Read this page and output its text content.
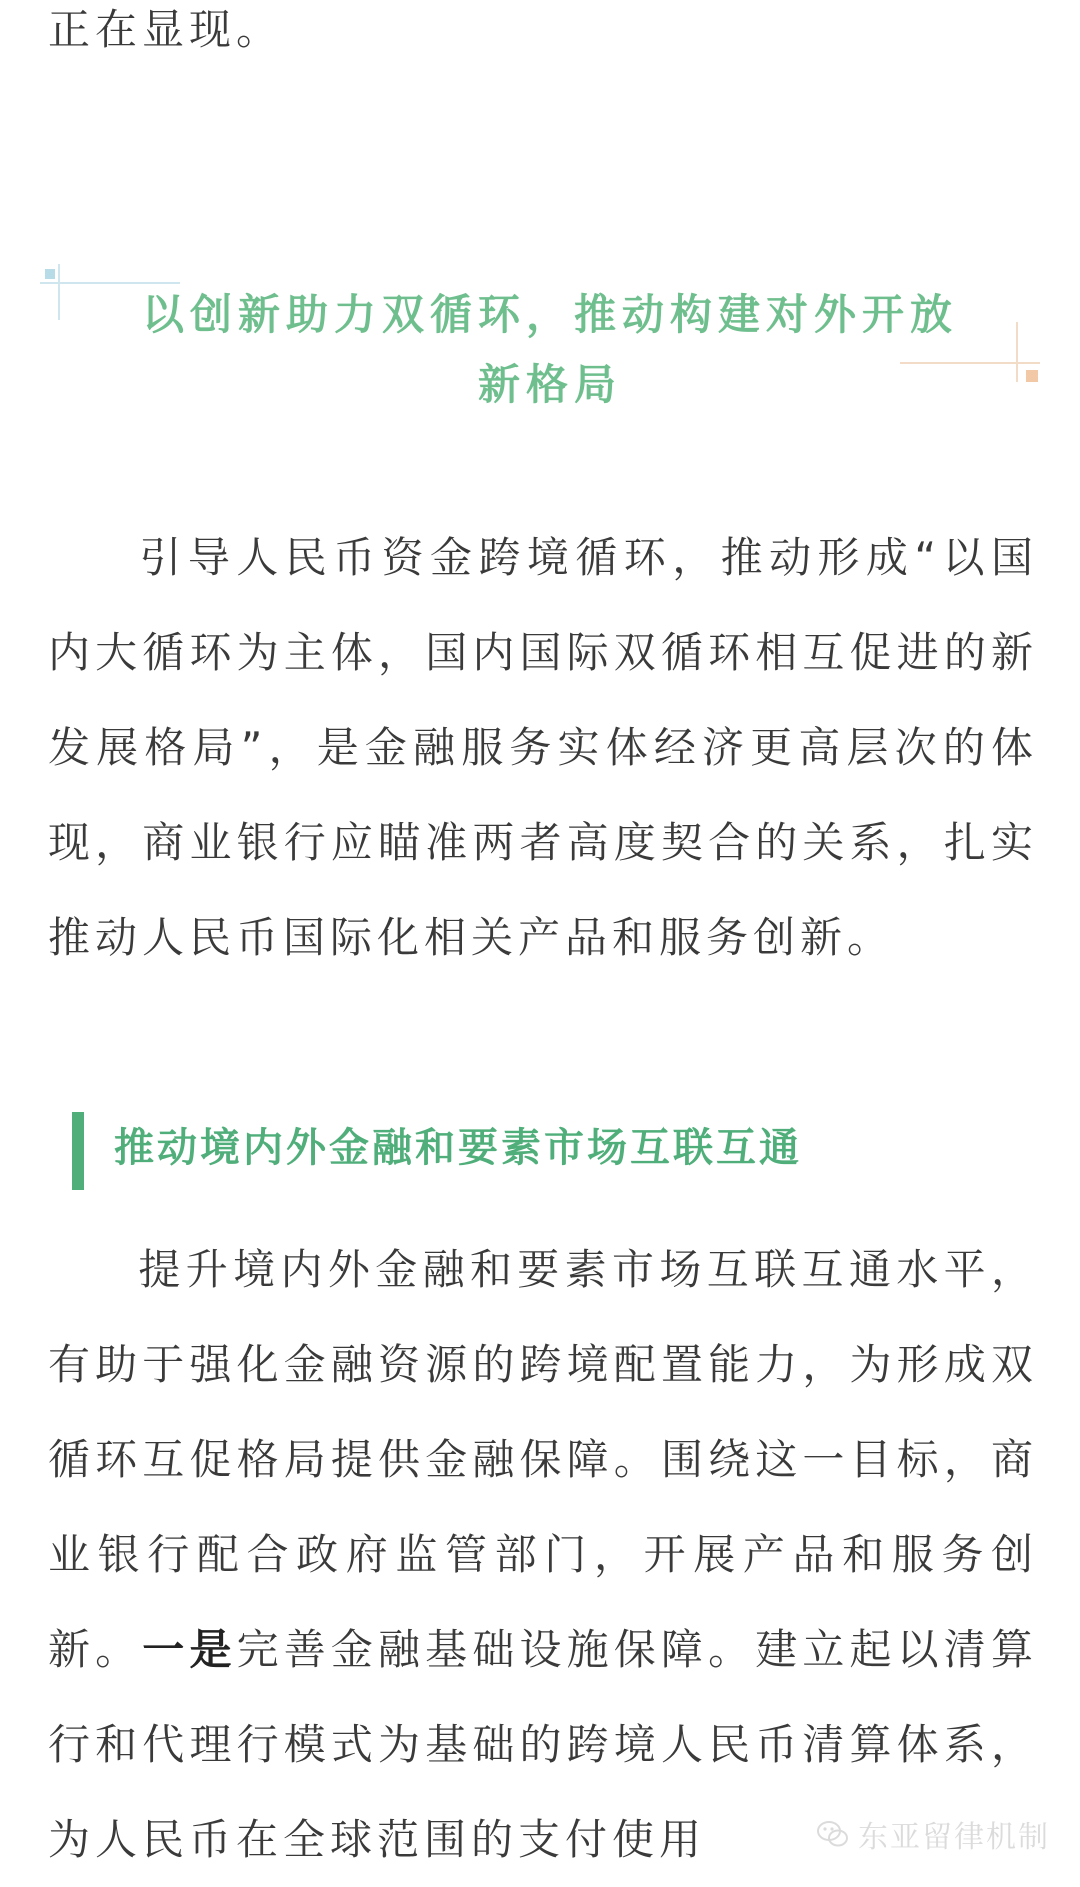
正在显现。

以创新助力双循环，推动构建对外开放新格局

引导人民币资金跨境循环，推动形成“以国内大循环为主体，国内国际双循环相互促进的新发展格局”，是金融服务实体经济更高层次的体现，商业银行应瞄准两者高度契合的关系，扎实推动人民币国际化相关产品和服务创新。

推动境内外金融和要素市场互联互通

提升境内外金融和要素市场互联互通水平，有助于强化金融资源的跨境配置能力，为形成双循环互促格局提供金融保障。围绕这一目标，商业银行配合政府监管部门，开展产品和服务创新。一是完善金融基础设施保障。建立起以清算行和代理行模式为基础的跨境人民币清算体系，为人民币在全球范围的支付使用	东亚留律机制
